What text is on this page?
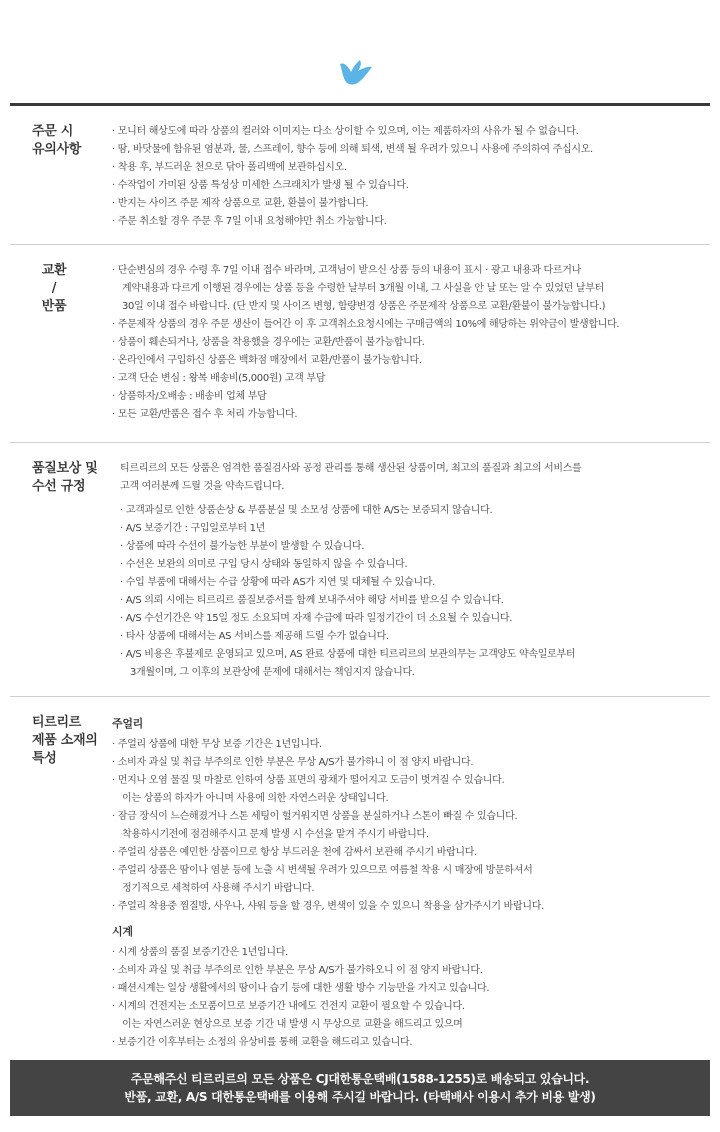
주문 시
유의사항
· 모니터 해상도에 따라 상품의 컬러와 이미지는 다소 상이할 수 있으며, 이는 제품하자의 사유가 될 수 없습니다.
· 땀, 바닷물에 함유된 염분과, 물, 스프레이, 향수 등에 의해 퇴색, 변색 될 우려가 있으니 사용에 주의하여 주십시오.
· 착용 후, 부드러운 천으로 닦아 폴리백에 보관하십시오.
· 수작업이 가미된 상품 특성상 미세한 스크래치가 발생 될 수 있습니다.
· 반지는 사이즈 주문 제작 상품으로 교환, 환불이 불가합니다.
· 주문 취소할 경우 주문 후 7일 이내 요청해야만 취소 가능합니다.
교환
/
반품
· 단순변심의 경우 수령 후 7일 이내 접수 바라며, 고객님이 받으신 상품 등의 내용이 표시 · 광고 내용과 다르거나
계약내용과 다르게 이행된 경우에는 상품 등을 수령한 날부터 3개월 이내, 그 사실을 안 날 또는 알 수 있었던 날부터
30일 이내 접수 바랍니다. (단 반지 및 사이즈 변형, 함량변경 상품은 주문제작 상품으로 교환/환불이 불가능합니다.)
· 주문제작 상품의 경우 주문 생산이 들어간 이 후 고객취소요청시에는 구매금액의 10%에 해당하는 위약금이 발생합니다.
· 상품이 훼손되거나, 상품을 착용했을 경우에는 교환/반품이 불가능합니다.
· 온라인에서 구입하신 상품은 백화점 매장에서 교환/반품이 불가능합니다.
· 고객 단순 변심 : 왕복 배송비(5,000원) 고객 부담
· 상품하자/오배송 : 배송비 업체 부담
· 모든 교환/반품은 접수 후 처리 가능합니다.
품질보상 및
수선 규정
티르리르의 모든 상품은 엄격한 품질검사와 공정 관리를 통해 생산된 상품이며, 최고의 품질과 최고의 서비스를
고객 여러분께 드릴 것을 약속드립니다.
· 고객과실로 인한 상품손상 & 부품분실 및 소모성 상품에 대한 A/S는 보증되지 않습니다.
· A/S 보증기간 : 구입일로부터 1년
· 상품에 따라 수선이 불가능한 부분이 발생할 수 있습니다.
· 수선은 보완의 의미로 구입 당시 상태와 동일하지 않을 수 있습니다.
· 수입 부품에 대해서는 수급 상황에 따라 AS가 지연 및 대체될 수 있습니다.
· A/S 의뢰 시에는 티르리르 품질보증서를 함께 보내주셔야 해당 서비를 받으실 수 있습니다.
· A/S 수선기간은 약 15일 정도 소요되며 자재 수급에 따라 일정기간이 더 소요될 수 있습니다.
· 타사 상품에 대해서는 AS 서비스를 제공해 드릴 수가 없습니다.
· A/S 비용은 후불제로 운영되고 있으며, AS 완료 상품에 대한 티르리르의 보관의무는 고객양도 약속일로부터
3개월이며, 그 이후의 보관상에 문제에 대해서는 책임지지 않습니다.
티르리르
제품 소재의
특성
주얼리
· 주얼리 상품에 대한 무상 보증 기간은 1년입니다.
· 소비자 과실 및 취급 부주의로 인한 부분은 무상 A/S가 불가하니 이 점 양지 바랍니다.
· 먼지나 오염 물질 및 마찰로 인하여 상품 표면의 광채가 떨어지고 도금이 벗겨질 수 있습니다.
이는 상품의 하자가 아니며 사용에 의한 자연스러운 상태입니다.
· 잠금 장식이 느슨해졌거나 스톤 세팅이 헐거워지면 상품을 분실하거나 스톤이 빠질 수 있습니다.
착용하시기전에 점검해주시고 문제 발생 시 수선을 맡겨 주시기 바랍니다.
· 주얼리 상품은 예민한 상품이므로 항상 부드러운 천에 감싸서 보관해 주시기 바랍니다.
· 주얼리 상품은 땀이나 염분 등에 노출 시 변색될 우려가 있으므로 여름철 착용 시 매장에 방문하셔서
정기적으로 세척하여 사용해 주시기 바랍니다.
· 주얼리 착용중 찜질방, 사우나, 샤워 등을 할 경우, 변색이 있을 수 있으니 착용을 삼가주시기 바랍니다.
시계
· 시계 상품의 품질 보증기간은 1년입니다.
· 소비자 과실 및 취급 부주의로 인한 부분은 무상 A/S가 불가하오니 이 점 양지 바랍니다.
· 패션시계는 일상 생활에서의 땀이나 습기 등에 대한 생활 방수 기능만을 가지고 있습니다.
· 시계의 건전지는 소모품이므로 보증기간 내에도 건전지 교환이 필요할 수 있습니다.
이는 자연스러운 현상으로 보증 기간 내 발생 시 무상으로 교환을 해드리고 있으며
· 보증기간 이후부터는 소정의 유상비를 통해 교환을 해드리고 있습니다.
주문해주신 티르리르의 모든 상품은 CJ대한통운택배(1588-1255)로 배송되고 있습니다.
반품, 교환, A/S 대한통운택배를 이용해 주시길 바랍니다. (타택배사 이용시 추가 비용 발생)
